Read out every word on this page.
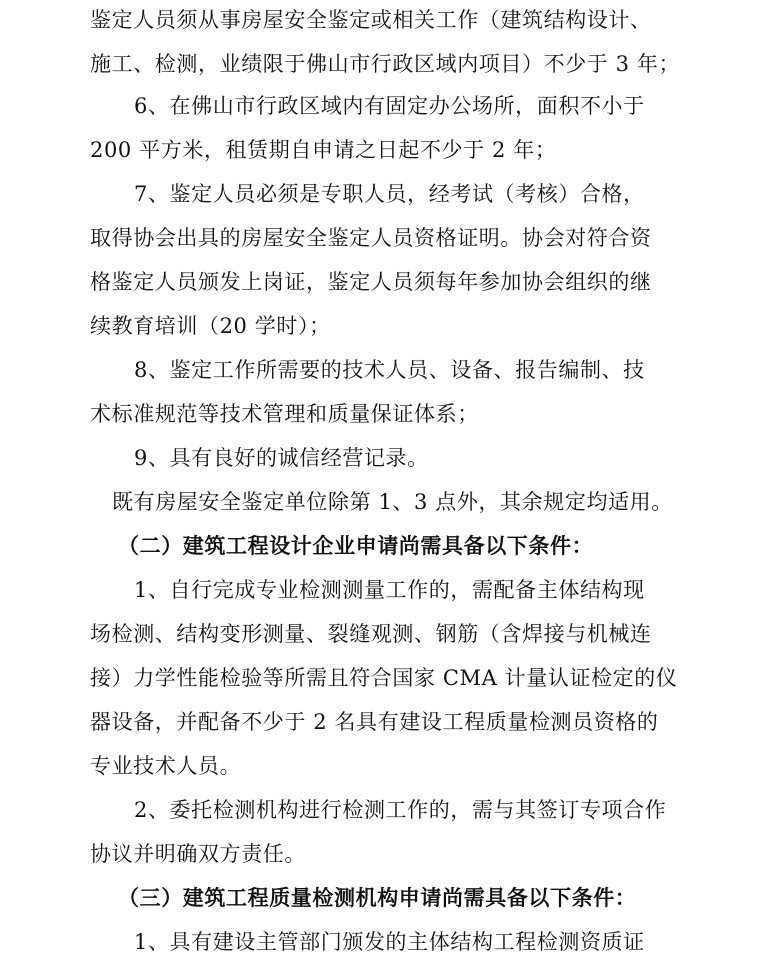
鉴定人员须从事房屋安全鉴定或相关工作（建筑结构设计、
施工、检测，业绩限于佛山市行政区域内项目）不少于 3 年；
6、在佛山市行政区域内有固定办公场所，面积不小于
200 平方米，租赁期自申请之日起不少于 2 年；
7、鉴定人员必须是专职人员，经考试（考核）合格，
取得协会出具的房屋安全鉴定人员资格证明。协会对符合资
格鉴定人员颁发上岗证，鉴定人员须每年参加协会组织的继
续教育培训（20 学时）；
8、鉴定工作所需要的技术人员、设备、报告编制、技
术标准规范等技术管理和质量保证体系；
9、具有良好的诚信经营记录。
既有房屋安全鉴定单位除第 1、3 点外，其余规定均适用。
（二）建筑工程设计企业申请尚需具备以下条件：
1、自行完成专业检测测量工作的，需配备主体结构现
场检测、结构变形测量、裂缝观测、钢筋（含焊接与机械连
接）力学性能检验等所需且符合国家 CMA 计量认证检定的仪
器设备，并配备不少于 2 名具有建设工程质量检测员资格的
专业技术人员。
2、委托检测机构进行检测工作的，需与其签订专项合作
协议并明确双方责任。
（三）建筑工程质量检测机构申请尚需具备以下条件：
1、具有建设主管部门颁发的主体结构工程检测资质证
